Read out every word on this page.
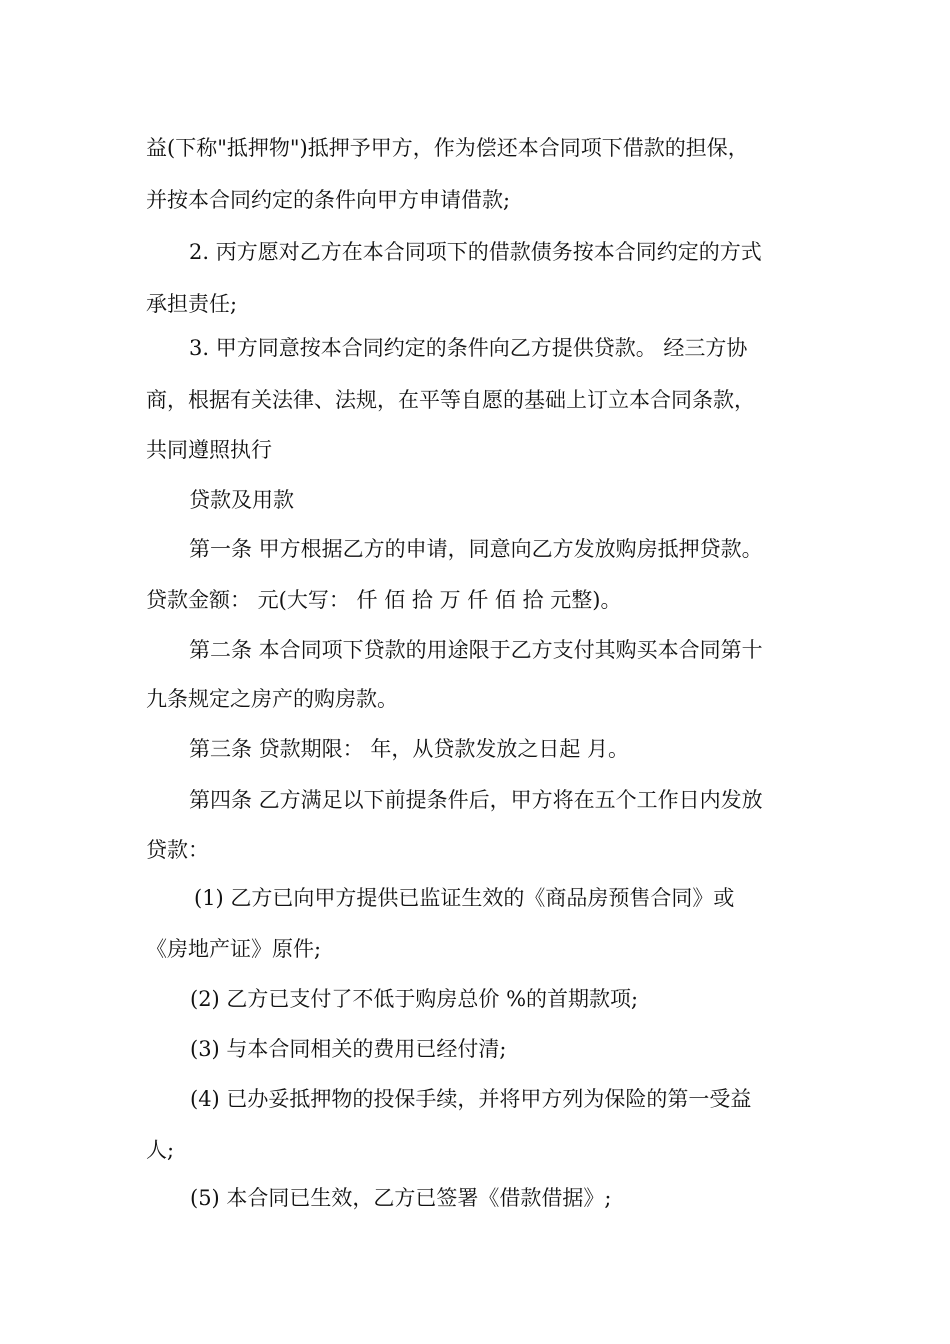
益(下称"抵押物")抵押予甲方，作为偿还本合同项下借款的担保，
并按本合同约定的条件向甲方申请借款;
2. 丙方愿对乙方在本合同项下的借款债务按本合同约定的方式
承担责任;
3. 甲方同意按本合同约定的条件向乙方提供贷款。 经三方协
商，根据有关法律、法规，在平等自愿的基础上订立本合同条款，
共同遵照执行
贷款及用款
第一条 甲方根据乙方的申请，同意向乙方发放购房抵押贷款。
贷款金额： 元(大写： 仟 佰 拾 万 仟 佰 拾 元整)。
第二条 本合同项下贷款的用途限于乙方支付其购买本合同第十
九条规定之房产的购房款。
第三条 贷款期限： 年，从贷款发放之日起 月。
第四条 乙方满足以下前提条件后，甲方将在五个工作日内发放
贷款：
(1) 乙方已向甲方提供已监证生效的《商品房预售合同》或
《房地产证》原件;
(2) 乙方已支付了不低于购房总价 %的首期款项;
(3) 与本合同相关的费用已经付清;
(4) 已办妥抵押物的投保手续，并将甲方列为保险的第一受益
人;
(5) 本合同已生效，乙方已签署《借款借据》;
